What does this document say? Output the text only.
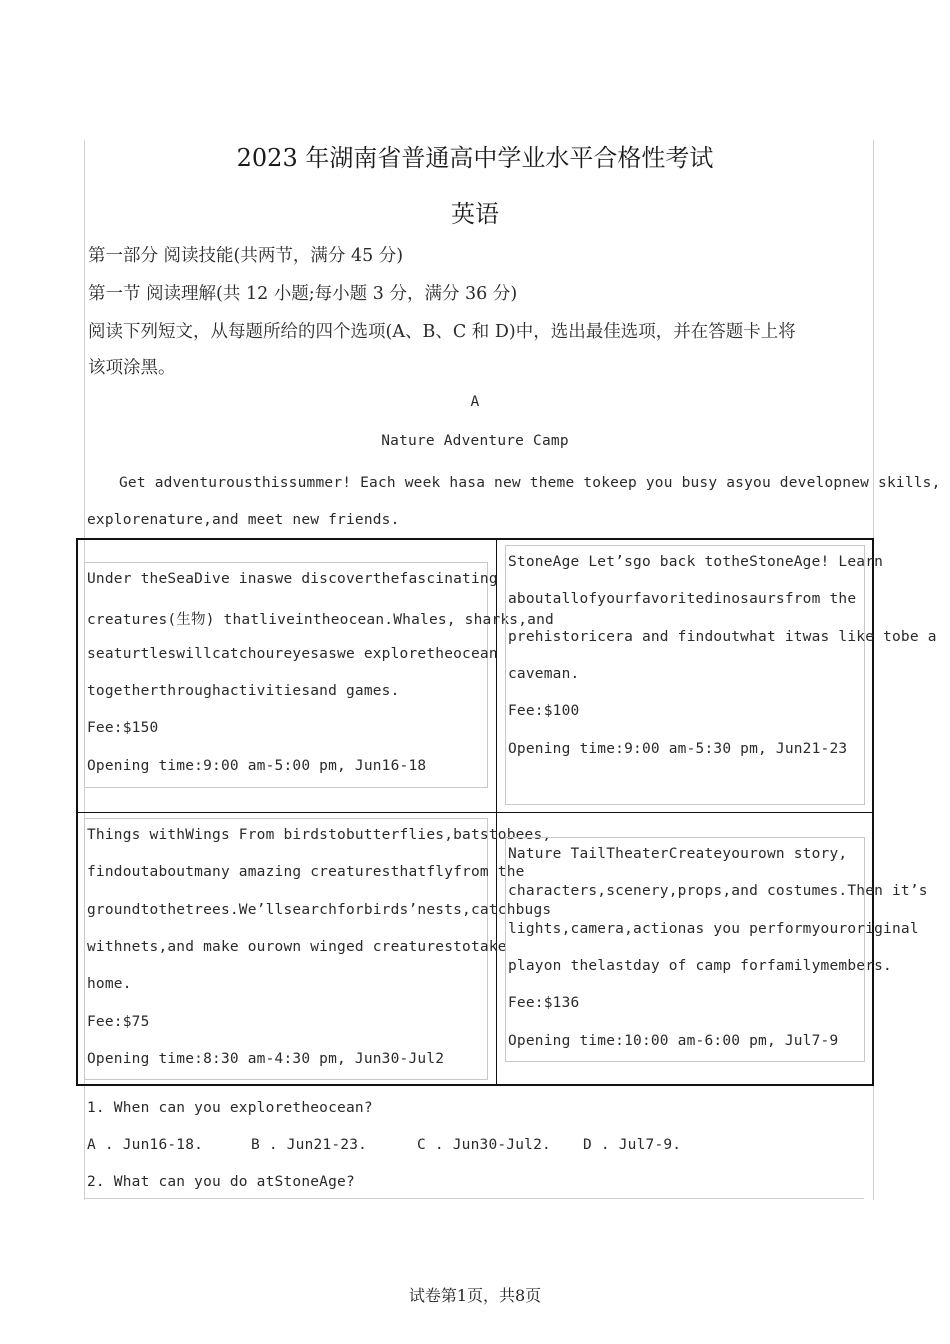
2023 年湖南省普通高中学业水平合格性考试
英语
第一部分 阅读技能(共两节，满分 45 分)
第一节 阅读理解(共 12 小题;每小题 3 分，满分 36 分)
阅读下列短文，从每题所给的四个选项(A、B、C 和 D)中，选出最佳选项，并在答题卡上将
该项涂黑。
A
Nature Adventure Camp
Get adventurousthissummer! Each week hasa new theme tokeep you busy asyou developnew skills,
explorenature,and meet new friends.

Under theSeaDive inaswe discoverthefascinating

creatures(生物) thatliveintheocean.Whales, sharks,and

seaturtleswillcatchoureyesaswe exploretheocean

togetherthroughactivitiesand games.

Fee:$150

Opening time:9:00 am-5:00 pm, Jun16-18

StoneAge Let’sgo back totheStoneAge! Learn

aboutallofyourfavoritedinosaursfrom the

prehistoricera and findoutwhat itwas like tobe a

caveman.

Fee:$100

Opening time:9:00 am-5:30 pm, Jun21-23

Things withWings From birdstobutterflies,batstobees,

findoutaboutmany amazing creaturesthatflyfrom the

groundtothetrees.We’llsearchforbirds’nests,catchbugs

withnets,and make ourown winged creaturestotake

home.

Fee:$75

Opening time:8:30 am-4:30 pm, Jun30-Jul2

Nature TailTheaterCreateyourown story,

characters,scenery,props,and costumes.Then it’s

lights,camera,actionas you performyouroriginal

playon thelastday of camp forfamilymembers.

Fee:$136

Opening time:10:00 am-6:00 pm, Jul7-9

1. When can you exploretheocean?
A . Jun16-18.	B . Jun21-23.	C . Jun30-Jul2. D . Jul7-9.
2. What can you do atStoneAge?
试卷第1页，共8页
